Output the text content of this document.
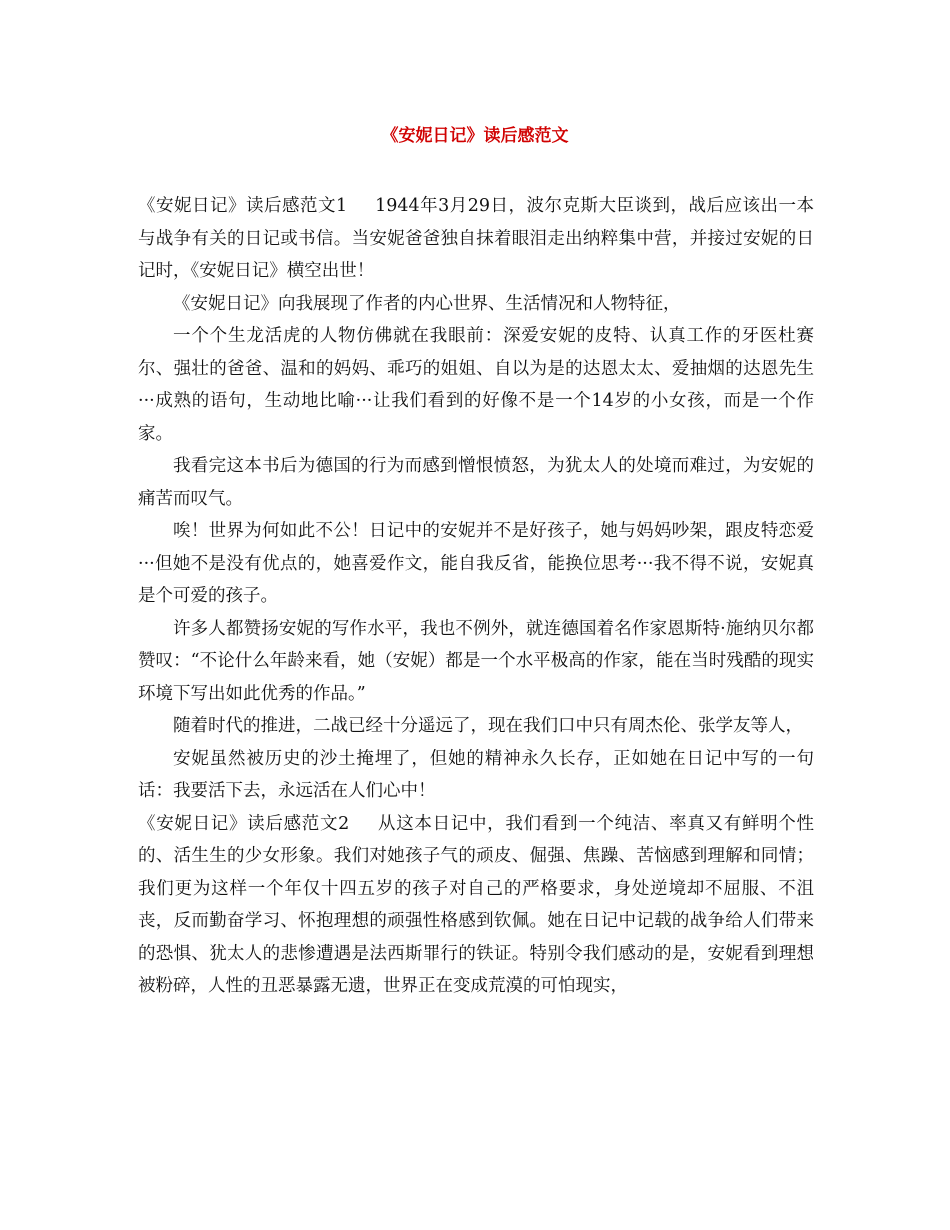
《安妮日记》读后感范文

《安妮日记》读后感范文1 1944年3月29日，波尔克斯大臣谈到，战后应该出一本与战争有关的日记或书信。当安妮爸爸独自抹着眼泪走出纳粹集中营，并接过安妮的日记时，《安妮日记》横空出世！

《安妮日记》向我展现了作者的内心世界、生活情况和人物特征，

一个个生龙活虎的人物仿佛就在我眼前：深爱安妮的皮特、认真工作的牙医杜赛尔、强壮的爸爸、温和的妈妈、乖巧的姐姐、自以为是的达恩太太、爱抽烟的达恩先生···成熟的语句，生动地比喻···让我们看到的好像不是一个14岁的小女孩，而是一个作家。

我看完这本书后为德国的行为而感到憎恨愤怒，为犹太人的处境而难过，为安妮的痛苦而叹气。

唉！世界为何如此不公！日记中的安妮并不是好孩子，她与妈妈吵架，跟皮特恋爱···但她不是没有优点的，她喜爱作文，能自我反省，能换位思考···我不得不说，安妮真是个可爱的孩子。

许多人都赞扬安妮的写作水平，我也不例外，就连德国着名作家恩斯特·施纳贝尔都赞叹：“不论什么年龄来看，她（安妮）都是一个水平极高的作家，能在当时残酷的现实环境下写出如此优秀的作品。”

随着时代的推进，二战已经十分遥远了，现在我们口中只有周杰伦、张学友等人，

安妮虽然被历史的沙土掩埋了，但她的精神永久长存，正如她在日记中写的一句话：我要活下去，永远活在人们心中！

《安妮日记》读后感范文2 从这本日记中，我们看到一个纯洁、率真又有鲜明个性的、活生生的少女形象。我们对她孩子气的顽皮、倔强、焦躁、苦恼感到理解和同情；我们更为这样一个年仅十四五岁的孩子对自己的严格要求，身处逆境却不屈服、不沮丧，反而勤奋学习、怀抱理想的顽强性格感到钦佩。她在日记中记载的战争给人们带来的恐惧、犹太人的悲惨遭遇是法西斯罪行的铁证。特别令我们感动的是，安妮看到理想被粉碎，人性的丑恶暴露无遗，世界正在变成荒漠的可怕现实，
